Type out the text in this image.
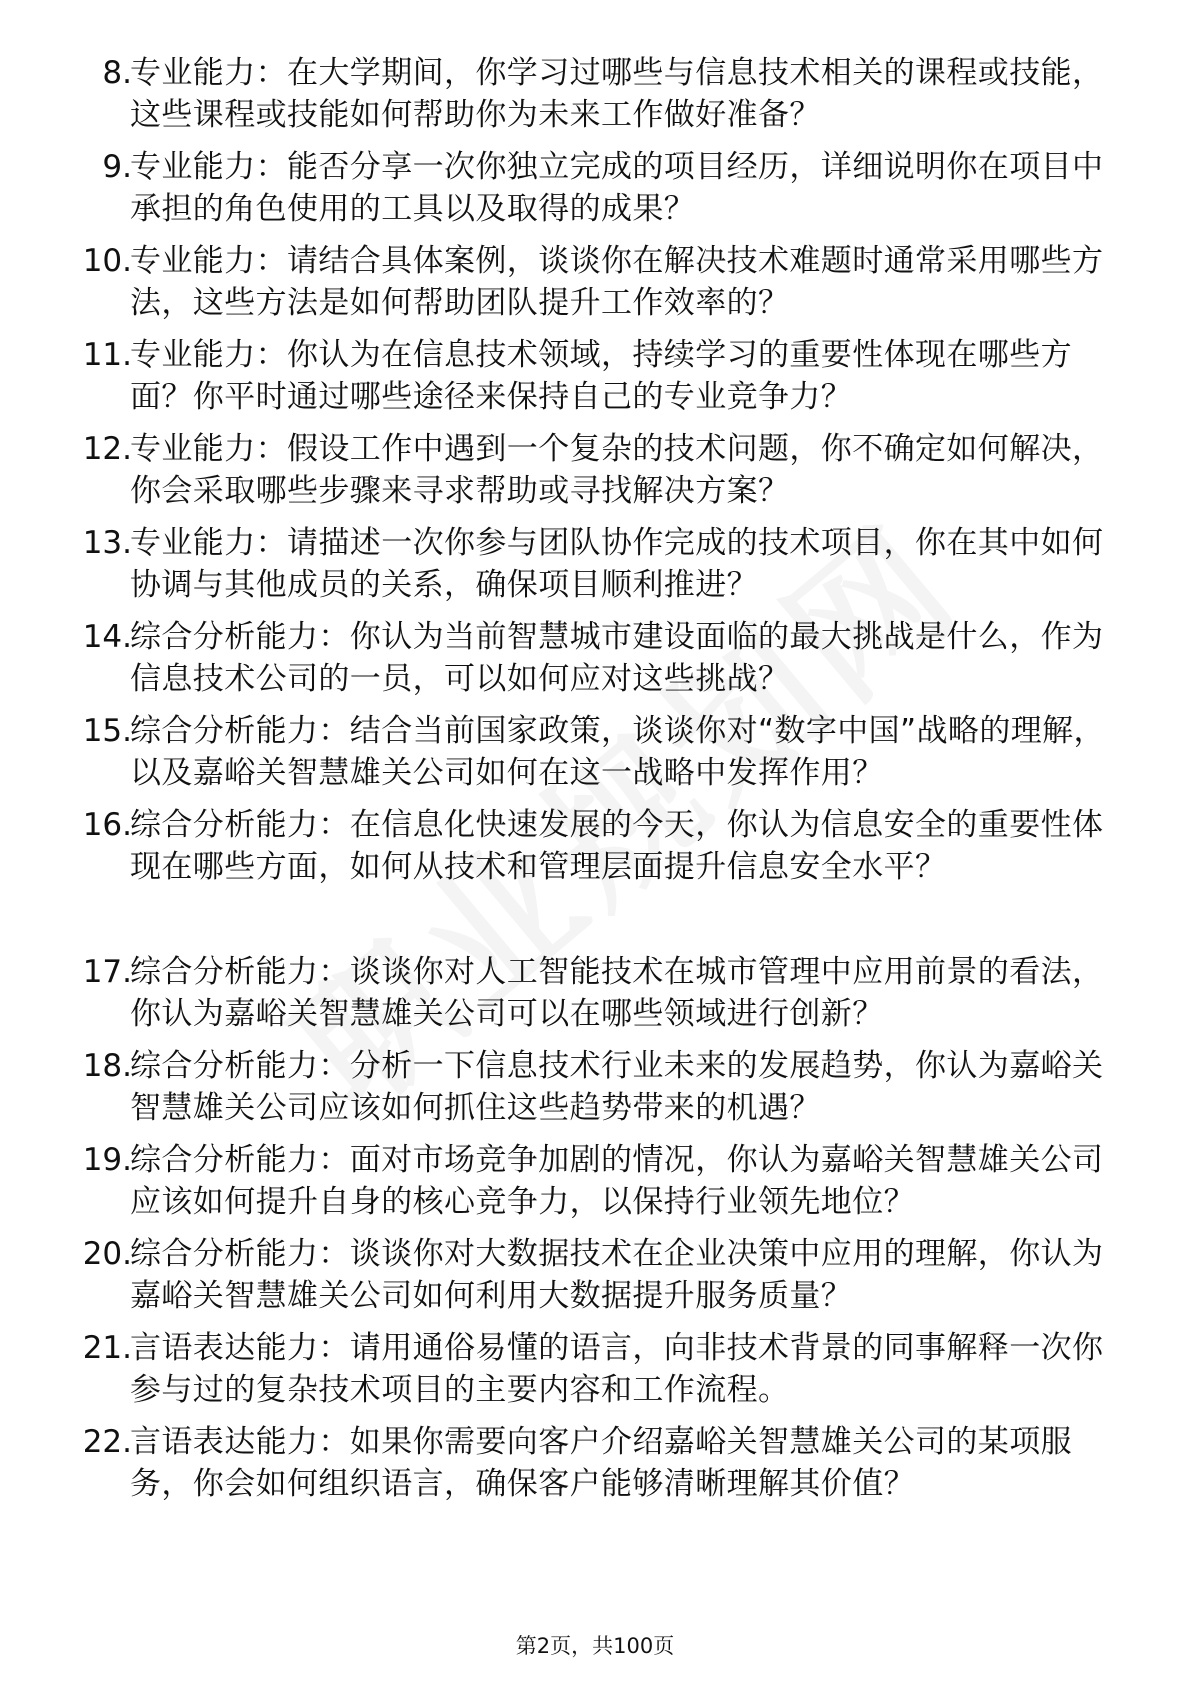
8.
专业能力：在大学期间，你学习过哪些与信息技术相关的课程或技能，这些课程或技能如何帮助你为未来工作做好准备？
9.
专业能力：能否分享一次你独立完成的项目经历，详细说明你在项目中承担的角色使用的工具以及取得的成果？
10.
专业能力：请结合具体案例，谈谈你在解决技术难题时通常采用哪些方法，这些方法是如何帮助团队提升工作效率的？
11.
专业能力：你认为在信息技术领域，持续学习的重要性体现在哪些方面？你平时通过哪些途径来保持自己的专业竞争力？
12.
专业能力：假设工作中遇到一个复杂的技术问题，你不确定如何解决，你会采取哪些步骤来寻求帮助或寻找解决方案？
13.
专业能力：请描述一次你参与团队协作完成的技术项目，你在其中如何协调与其他成员的关系，确保项目顺利推进？
14.
综合分析能力：你认为当前智慧城市建设面临的最大挑战是什么，作为信息技术公司的一员，可以如何应对这些挑战？
15.
综合分析能力：结合当前国家政策，谈谈你对“数字中国”战略的理解，以及嘉峪关智慧雄关公司如何在这一战略中发挥作用？
16.
综合分析能力：在信息化快速发展的今天，你认为信息安全的重要性体现在哪些方面，如何从技术和管理层面提升信息安全水平？
17.
综合分析能力：谈谈你对人工智能技术在城市管理中应用前景的看法，你认为嘉峪关智慧雄关公司可以在哪些领域进行创新？
18.
综合分析能力：分析一下信息技术行业未来的发展趋势，你认为嘉峪关智慧雄关公司应该如何抓住这些趋势带来的机遇？
19.
综合分析能力：面对市场竞争加剧的情况，你认为嘉峪关智慧雄关公司应该如何提升自身的核心竞争力，以保持行业领先地位？
20.
综合分析能力：谈谈你对大数据技术在企业决策中应用的理解，你认为嘉峪关智慧雄关公司如何利用大数据提升服务质量？
21.
言语表达能力：请用通俗易懂的语言，向非技术背景的同事解释一次你参与过的复杂技术项目的主要内容和工作流程。
22.
言语表达能力：如果你需要向客户介绍嘉峪关智慧雄关公司的某项服务，你会如何组织语言，确保客户能够清晰理解其价值？
第2页，共100页
